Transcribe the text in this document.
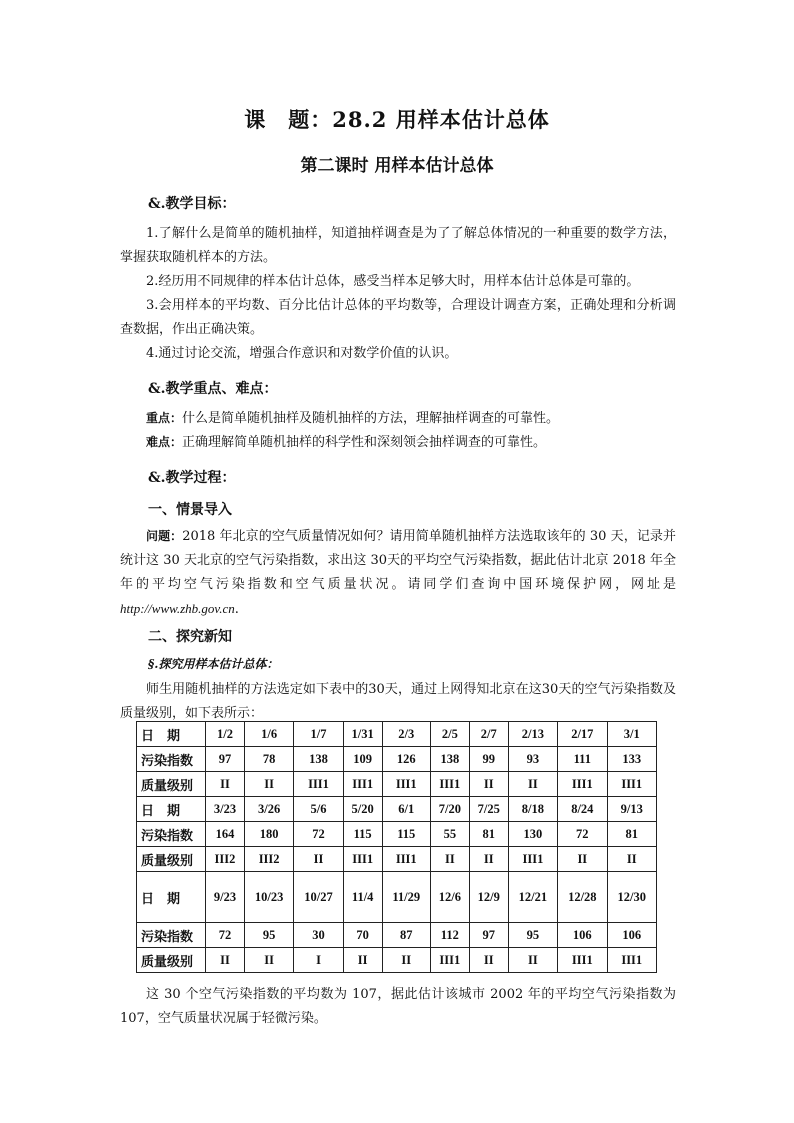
课　题：28.2 用样本估计总体
第二课时 用样本估计总体
&.教学目标：
1.了解什么是简单的随机抽样，知道抽样调查是为了了解总体情况的一种重要的数学方法，掌握获取随机样本的方法。
2.经历用不同规律的样本估计总体，感受当样本足够大时，用样本估计总体是可靠的。
3.会用样本的平均数、百分比估计总体的平均数等，合理设计调查方案，正确处理和分析调查数据，作出正确决策。
4.通过讨论交流，增强合作意识和对数学价值的认识。
&.教学重点、难点：
重点：什么是简单随机抽样及随机抽样的方法，理解抽样调查的可靠性。
难点：正确理解简单随机抽样的科学性和深刻领会抽样调查的可靠性。
&.教学过程：
一、情景导入
问题：2018 年北京的空气质量情况如何？请用简单随机抽样方法选取该年的 30 天，记录并统计这 30 天北京的空气污染指数，求出这 30天的平均空气污染指数，据此估计北京 2018 年全年的平均空气污染指数和空气质量状况。请同学们查询中国环境保护网，网址是 http://www.zhb.gov.cn.
二、探究新知
§.探究用样本估计总体：
师生用随机抽样的方法选定如下表中的30天，通过上网得知北京在这30天的空气污染指数及质量级别，如下表所示：
日　期	1/2	1/6	1/7	1/31	2/3	2/5	2/7	2/13	2/17	3/1
污染指数	97	78	138	109	126	138	99	93	111	133
质量级别	II	II	III1	III1	III1	III1	II	II	III1	III1
日　期	3/23	3/26	5/6	5/20	6/1	7/20	7/25	8/18	8/24	9/13
污染指数	164	180	72	115	115	55	81	130	72	81
质量级别	III2	III2	II	III1	III1	II	II	III1	II	II
日　期	9/23	10/23	10/27	11/4	11/29	12/6	12/9	12/21	12/28	12/30
污染指数	72	95	30	70	87	112	97	95	106	106
质量级别	II	II	I	II	II	III1	II	II	III1	III1
这 30 个空气污染指数的平均数为 107，据此估计该城市 2002 年的平均空气污染指数为 107，空气质量状况属于轻微污染。
